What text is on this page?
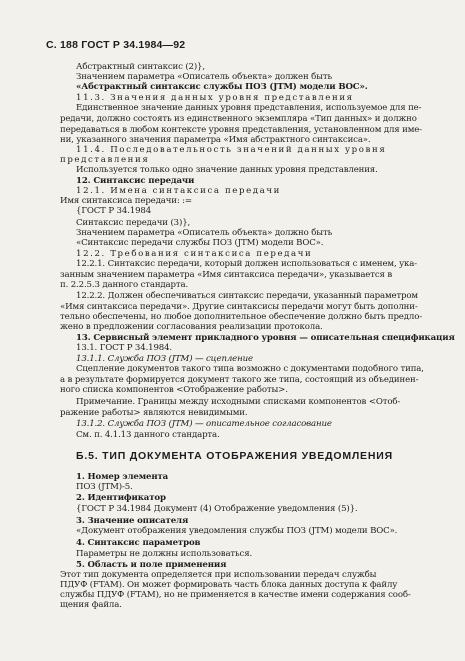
С. 188 ГОСТ Р 34.1984—92
Абстрактный синтаксис (2)},
Значением параметра «Описатель объекта» должен быть
«Абстрактный синтаксис службы ПОЗ (JTM) модели ВОС».
11.3. Значения данных уровня представления
Единственное значение данных уровня представления, используемое для пе-
редачи, должно состоять из единственного экземпляра «Тип данных» и должно
передаваться в любом контексте уровня представления, установленном для име-
ни, указанного значения параметра «Имя абстрактного синтаксиса».
11.4. Последовательность значений данных уровня
представления
Используется только одно значение данных уровня представления.
12. Синтаксис передачи
12.1. Имена синтаксиса передачи
Имя синтаксиса передачи: :=
{ГОСТ Р 34.1984
Синтаксис передачи (3)},
Значением параметра «Описатель объекта» должно быть
«Синтаксис передачи службы ПОЗ (JTM) модели ВОС».
12.2. Требования синтаксиса передачи
12.2.1. Синтаксис передачи, который должен использоваться с именем, ука-
занным значением параметра «Имя синтаксиса передачи», указывается в
п. 2.2.5.3 данного стандарта.
12.2.2. Должен обеспечиваться синтаксис передачи, указанный параметром
«Имя синтаксиса передачи». Другие синтаксисы передачи могут быть дополни-
тельно обеспечены, но любое дополнительное обеспечение должно быть предло-
жено в предложении согласования реализации протокола.
13. Сервисный элемент прикладного уровня — описательная спецификация
13.1. ГОСТ Р 34.1984.
13.1.1. Служба ПОЗ (JTM) — сцепление
Сцепление документов такого типа возможно с документами подобного типа,
а в результате формируется документ такого же типа, состоящий из объединен-
ного списка компонентов <Отображение работы>.
Примечание. Границы между исходными списками компонентов <Отоб-
ражение работы> являются невидимыми.
13.1.2. Служба ПОЗ (JTM) — описательное согласование
См. п. 4.1.13 данного стандарта.
Б.5. ТИП ДОКУМЕНТА ОТОБРАЖЕНИЯ УВЕДОМЛЕНИЯ
1. Номер элемента
ПОЗ (JTM)-5.
2. Идентификатор
{ГОСТ Р 34.1984 Документ (4) Отображение уведомления (5)}.
3. Значение описателя
«Документ отображения уведомления службы ПОЗ (JTM) модели ВОС».
4. Синтаксис параметров
Параметры не должны использоваться.
5. Область и поле применения
Этот тип документа определяется при использовании передач службы
ПДУФ (FTAM). Он может формировать часть блока данных доступа к файлу
службы ПДУФ (FTAM), но не применяется в качестве имени содержания сооб-
щения файла.
